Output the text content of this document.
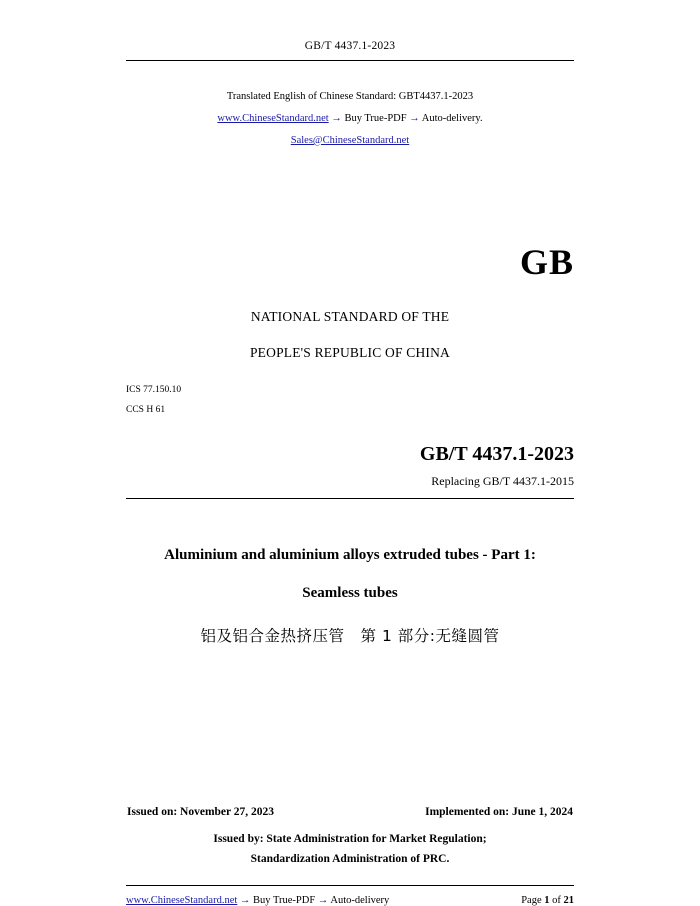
GB/T 4437.1-2023
Translated English of Chinese Standard: GBT4437.1-2023
www.ChineseStandard.net → Buy True-PDF → Auto-delivery.
Sales@ChineseStandard.net
GB
NATIONAL STANDARD OF THE
PEOPLE'S REPUBLIC OF CHINA
ICS 77.150.10
CCS H 61
GB/T 4437.1-2023
Replacing GB/T 4437.1-2015
Aluminium and aluminium alloys extruded tubes - Part 1:
Seamless tubes
铝及铝合金热挤压管　第 1 部分:无缝圆管
Issued on: November 27, 2023	Implemented on: June 1, 2024
Issued by: State Administration for Market Regulation;
Standardization Administration of PRC.
www.ChineseStandard.net → Buy True-PDF → Auto-delivery	Page 1 of 21
